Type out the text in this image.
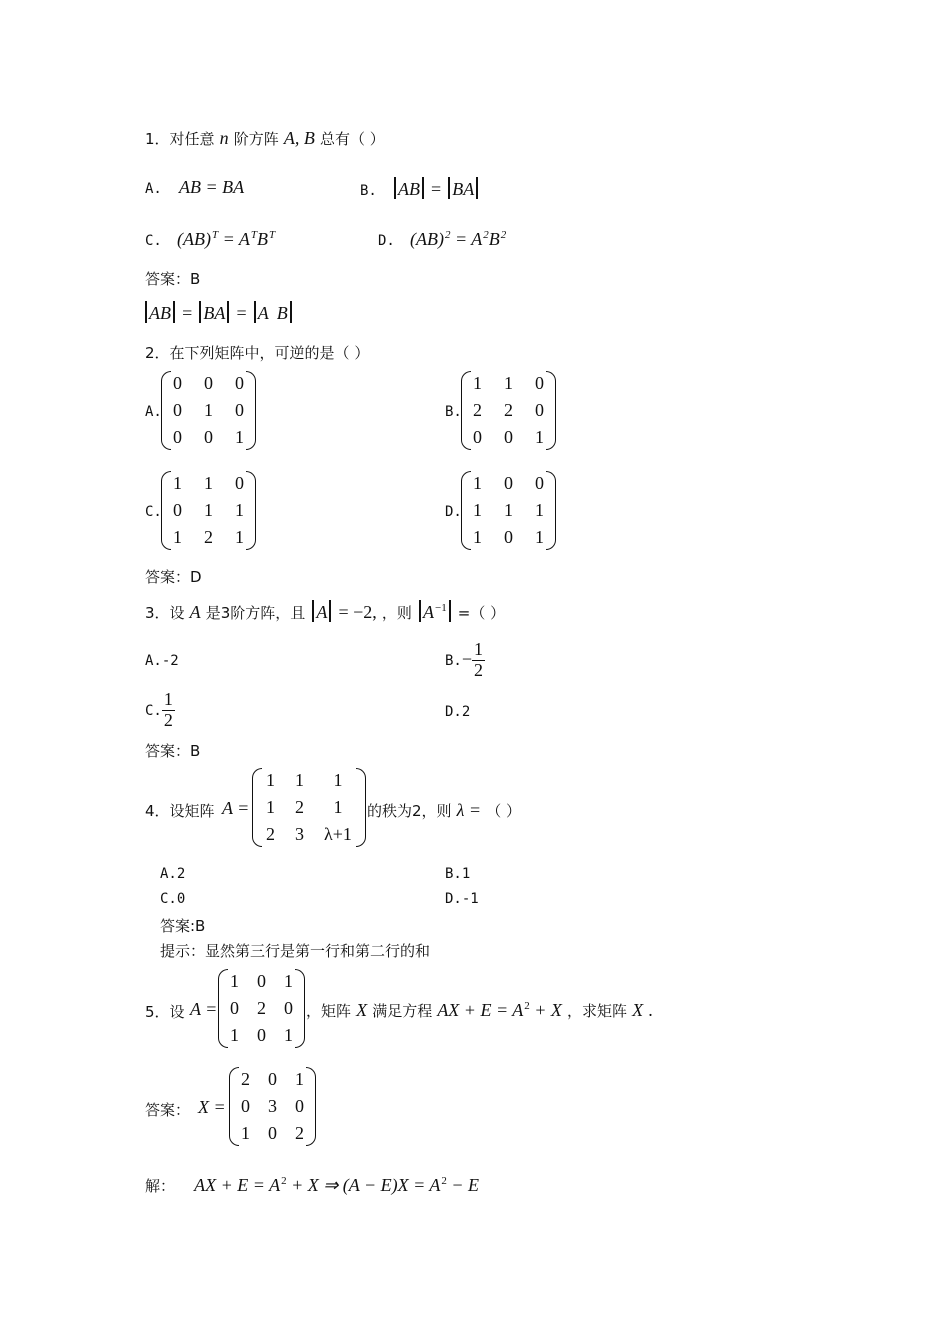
1．对任意 n 阶方阵 A, B 总有（ ）
A. AB = BA	B. AB = BA
C. $(AB)^T = A^TB^T$	D. $(AB)^2 = A^2B^2$
答案：B
AB = BA = A B
2．在下列矩阵中，可逆的是（ ）
A.
0 0 0
0 1 0
0 0 1
B.
1 1 0
2 2 0
0 0 1
C.
1 1 0
0 1 1
1 2 1
D.
1 0 0
1 1 1
1 0 1
答案：D
3．设 A 是3阶方阵，且 A = −2, ，则 $A^{-1}$ =（ ）
A.-2	$B.- \frac{1}{2}$
C. $\frac{1}{2}$	D.2
答案：B
4．设矩阵 A =
1 1	1
1 2	1
2 3 λ+1
的秩为2，则 λ = （ ）
A.2	B.1
C.0	D.-1
答案:B
提示：显然第三行是第一行和第二行的和
5．设 A =
1 0 1
0 2 0
1 0 1
，矩阵 X 满足方程 AX + $E = A^2 + X$ ，求矩阵 X .
答案： X =
2 0 1
0 3 0
1 0 2
解： AX + $E = A^2 + X$ ⇒ $(A - E)X = A^2 - E$
